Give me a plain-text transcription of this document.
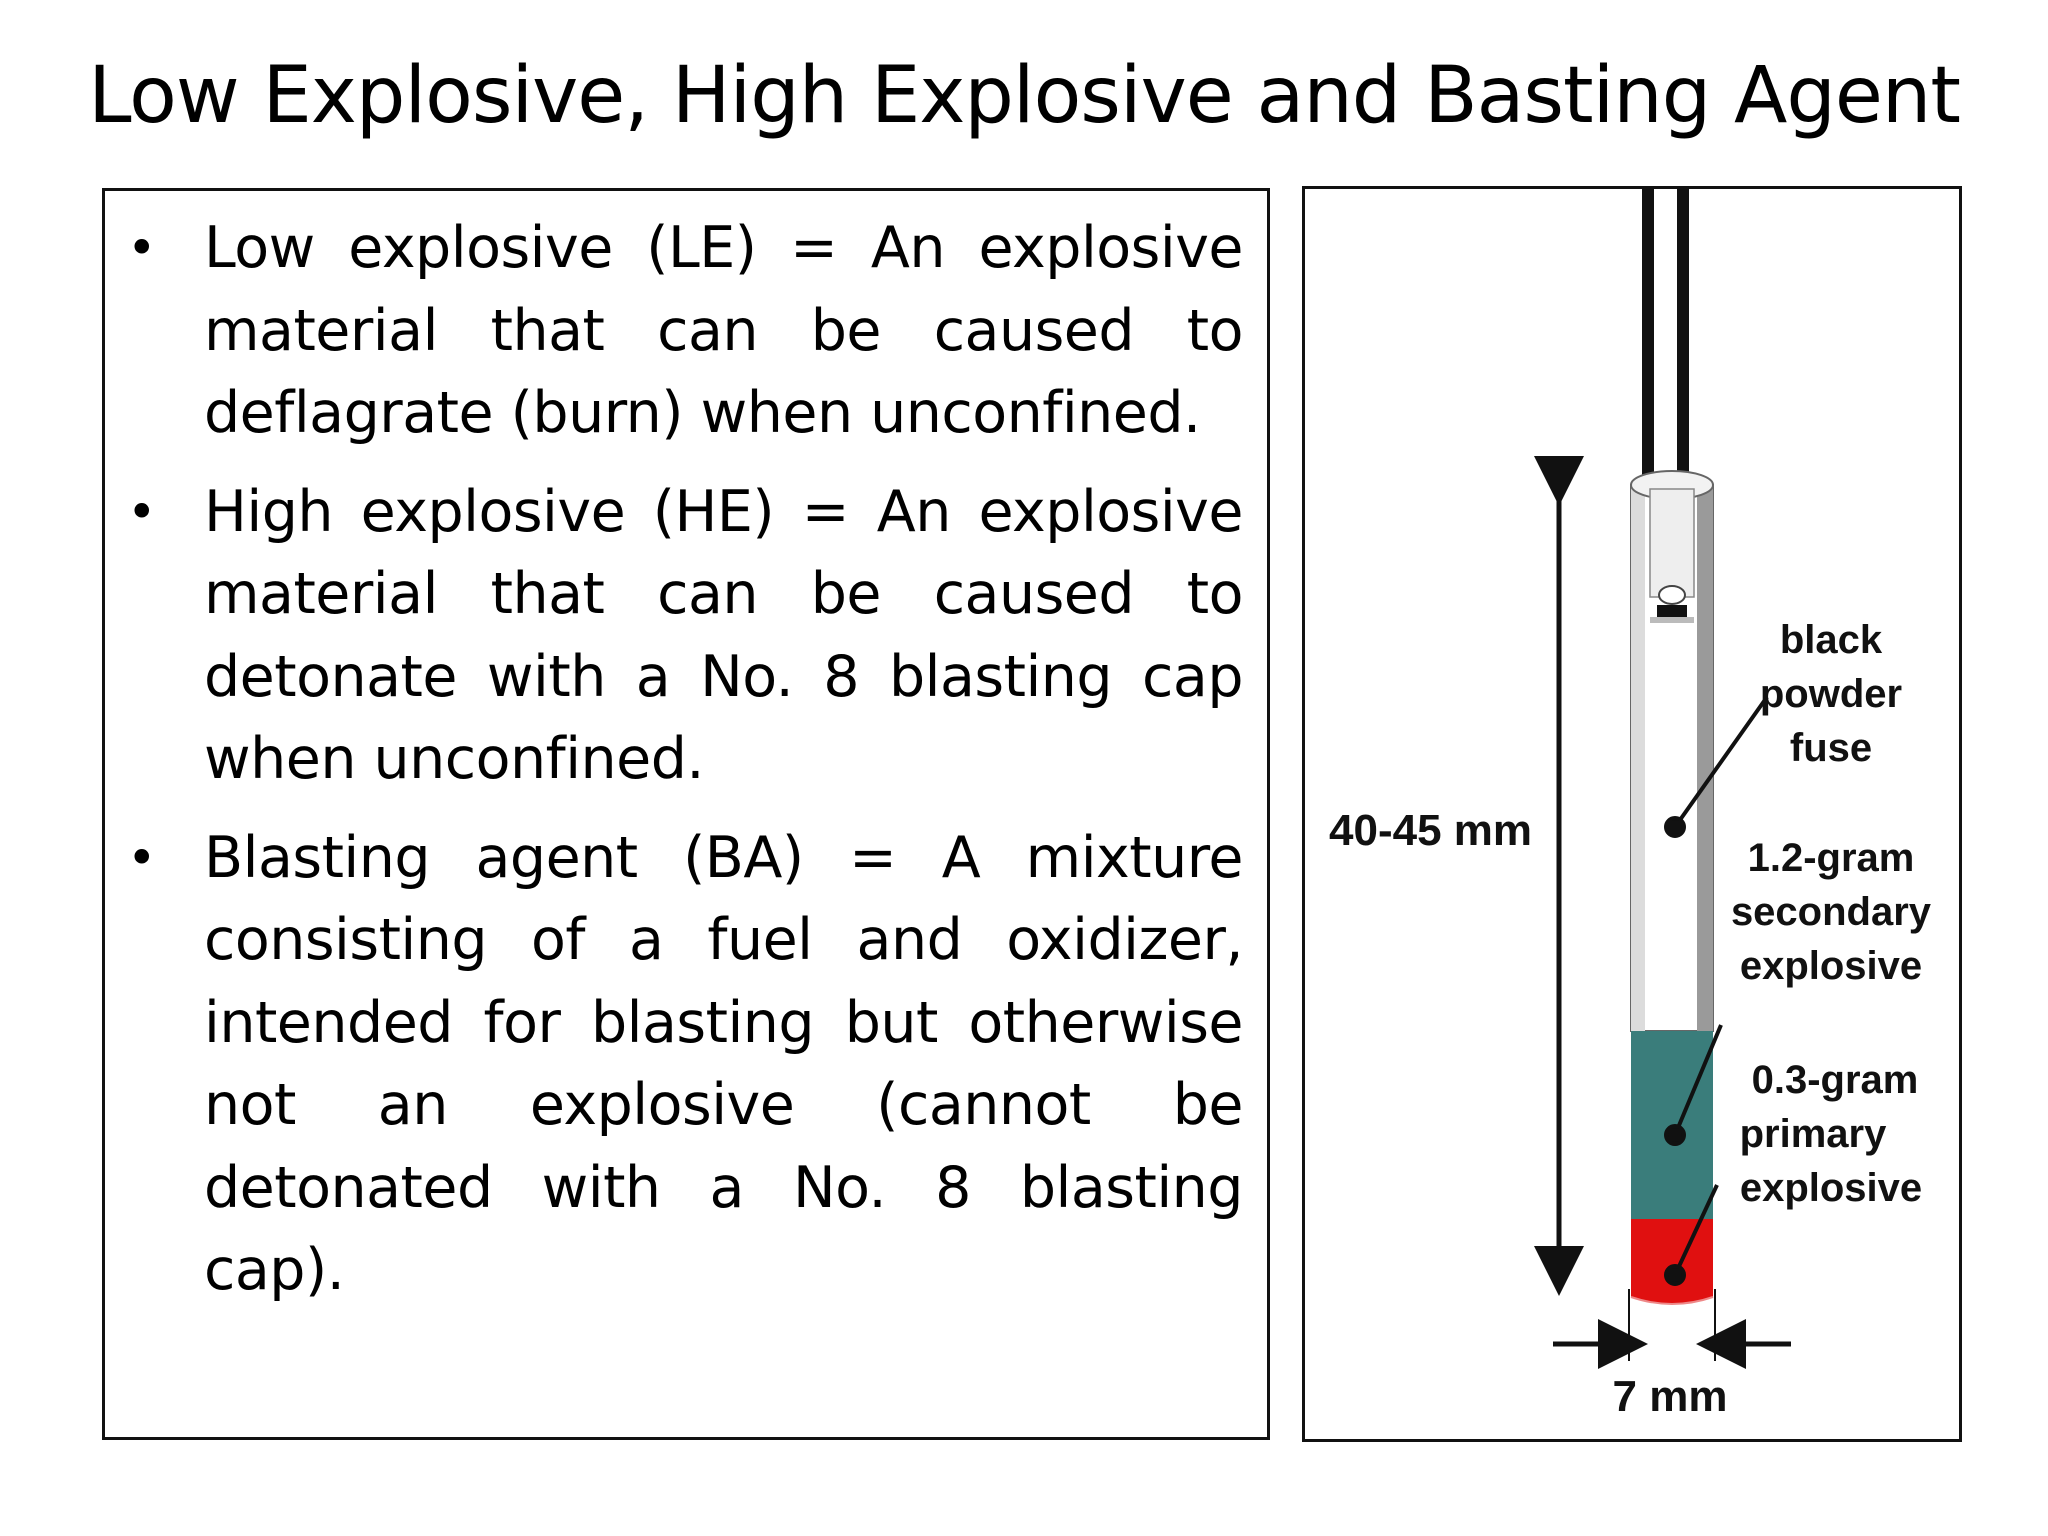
Low Explosive, High Explosive and Basting Agent
• Low explosive (LE) = An explosive material that can be caused to deflagrate (burn) when unconfined.
• High explosive (HE) = An explosive material that can be caused to detonate with a No. 8 blasting cap when unconfined.
• Blasting agent (BA) = A mixture consisting of a fuel and oxidizer, intended for blasting but otherwise not an explosive (cannot be detonated with a No. 8 blasting cap).
40-45 mm
7 mm
black
powder
fuse
1.2-gram
secondary
explosive
0.3-gram
primary
explosive
